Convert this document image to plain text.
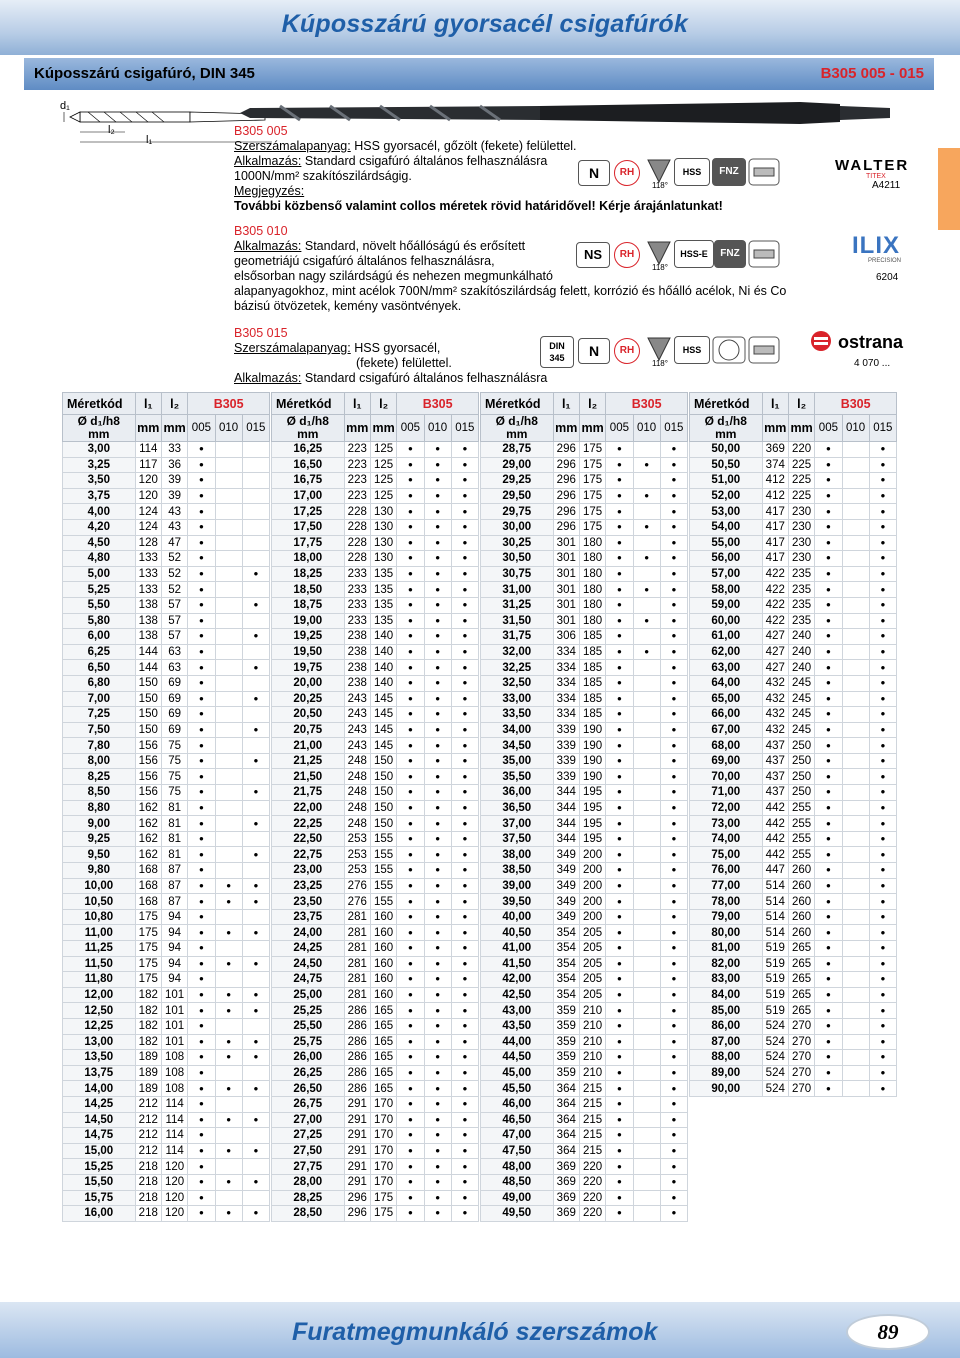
Kúposszárú gyorsacél csigafúrók
Kúposszárú csigafúró, DIN 345	B305 005 - 015
d₁
l₂
l₁
B305 005
Szerszámalapanyag: HSS gyorsacél, gőzölt (fekete) felülettel.
Alkalmazás: Standard csigafúró általános felhasználásra
1000N/mm² szakítószilárdságig.
Megjegyzés:
További közbenső valamint collos méretek rövid határidővel! Kérje árajánlatunkat!
N	RH
118°
HSS	FNZ	WALTER
TITEX
A4211
B305 010
Alkalmazás: Standard, növelt hőállóságú és erősített
geometriájú csigafúró általános felhasználásra,
elsősorban nagy szilárdságú és nehezen megmunkálható
alapanyagokhoz, mint acélok 700N/mm² szakítószilárdság felett, korrózió és hőálló acélok, Ni és Co
bázisú ötvözetek, kemény vasöntvények.
NS	RH
118°
HSS-E	FNZ	ILIX
PRECISION
6204
B305 015
Szerszámalapanyag: HSS gyorsacél,
(fekete) felülettel.
Alkalmazás: Standard csigafúró általános felhasználásra
DIN
345	N	RH
118°
HSS	ostrana
4 070 ...
Méretkód	l₁	l₂	B305		

Ø d₁/h8
mm	mm	mm	005	010	015
3,00	114	33	•		
3,25	117	36	•		
3,50	120	39	•		
3,75	120	39	•		
4,00	124	43	•		
4,20	124	43	•		
4,50	128	47	•		
4,80	133	52	•		
5,00	133	52	•		•
5,25	133	52	•		
5,50	138	57	•		•
5,80	138	57	•		
6,00	138	57	•		•
6,25	144	63	•		
6,50	144	63	•		•
6,80	150	69	•		
7,00	150	69	•		•
7,25	150	69	•		
7,50	150	69	•		•
7,80	156	75	•		
8,00	156	75	•		•
8,25	156	75	•		
8,50	156	75	•		•
8,80	162	81	•		
9,00	162	81	•		•
9,25	162	81	•		
9,50	162	81	•		•
9,80	168	87	•		
10,00	168	87	•	•	•
10,50	168	87	•	•	•
10,80	175	94	•		
11,00	175	94	•	•	•
11,25	175	94	•		
11,50	175	94	•	•	•
11,80	175	94	•		
12,00	182	101	•	•	•
12,50	182	101	•	•	•
12,25	182	101	•		
13,00	182	101	•	•	•
13,50	189	108	•	•	•
13,75	189	108	•		
14,00	189	108	•	•	•
14,25	212	114	•		
14,50	212	114	•	•	•
14,75	212	114	•		
15,00	212	114	•	•	•
15,25	218	120	•		
15,50	218	120	•	•	•
15,75	218	120	•		
16,00	218	120	•	•	•
Méretkód	l₁	l₂	B305		

Ø d₁/h8
mm	mm	mm	005	010	015
16,25	223	125	•	•	•
16,50	223	125	•	•	•
16,75	223	125	•	•	•
17,00	223	125	•	•	•
17,25	228	130	•	•	•
17,50	228	130	•	•	•
17,75	228	130	•	•	•
18,00	228	130	•	•	•
18,25	233	135	•	•	•
18,50	233	135	•	•	•
18,75	233	135	•	•	•
19,00	233	135	•	•	•
19,25	238	140	•	•	•
19,50	238	140	•	•	•
19,75	238	140	•	•	•
20,00	238	140	•	•	•
20,25	243	145	•	•	•
20,50	243	145	•	•	•
20,75	243	145	•	•	•
21,00	243	145	•	•	•
21,25	248	150	•	•	•
21,50	248	150	•	•	•
21,75	248	150	•	•	•
22,00	248	150	•	•	•
22,25	248	150	•	•	•
22,50	253	155	•	•	•
22,75	253	155	•	•	•
23,00	253	155	•	•	•
23,25	276	155	•	•	•
23,50	276	155	•	•	•
23,75	281	160	•	•	•
24,00	281	160	•	•	•
24,25	281	160	•	•	•
24,50	281	160	•	•	•
24,75	281	160	•	•	•
25,00	281	160	•	•	•
25,25	286	165	•	•	•
25,50	286	165	•	•	•
25,75	286	165	•	•	•
26,00	286	165	•	•	•
26,25	286	165	•	•	•
26,50	286	165	•	•	•
26,75	291	170	•	•	•
27,00	291	170	•	•	•
27,25	291	170	•	•	•
27,50	291	170	•	•	•
27,75	291	170	•	•	•
28,00	291	170	•	•	•
28,25	296	175	•	•	•
28,50	296	175	•	•	•
Méretkód	l₁	l₂	B305		

Ø d₁/h8
mm	mm	mm	005	010	015
28,75	296	175	•		•
29,00	296	175	•	•	•
29,25	296	175	•		•
29,50	296	175	•	•	•
29,75	296	175	•		•
30,00	296	175	•	•	•
30,25	301	180	•		•
30,50	301	180	•	•	•
30,75	301	180	•		•
31,00	301	180	•	•	•
31,25	301	180	•		•
31,50	301	180	•	•	•
31,75	306	185	•		•
32,00	334	185	•	•	•
32,25	334	185	•		•
32,50	334	185	•		•
33,00	334	185	•		•
33,50	334	185	•		•
34,00	339	190	•		•
34,50	339	190	•		•
35,00	339	190	•		•
35,50	339	190	•		•
36,00	344	195	•		•
36,50	344	195	•		•
37,00	344	195	•		•
37,50	344	195	•		•
38,00	349	200	•		•
38,50	349	200	•		•
39,00	349	200	•		•
39,50	349	200	•		•
40,00	349	200	•		•
40,50	354	205	•		•
41,00	354	205	•		•
41,50	354	205	•		•
42,00	354	205	•		•
42,50	354	205	•		•
43,00	359	210	•		•
43,50	359	210	•		•
44,00	359	210	•		•
44,50	359	210	•		•
45,00	359	210	•		•
45,50	364	215	•		•
46,00	364	215	•		•
46,50	364	215	•		•
47,00	364	215	•		•
47,50	364	215	•		•
48,00	369	220	•		•
48,50	369	220	•		•
49,00	369	220	•		•
49,50	369	220	•		•
Méretkód	l₁	l₂	B305		

Ø d₁/h8
mm	mm	mm	005	010	015
50,00	369	220	•		•
50,50	374	225	•		•
51,00	412	225	•		•
52,00	412	225	•		•
53,00	417	230	•		•
54,00	417	230	•		•
55,00	417	230	•		•
56,00	417	230	•		•
57,00	422	235	•		•
58,00	422	235	•		•
59,00	422	235	•		•
60,00	422	235	•		•
61,00	427	240	•		•
62,00	427	240	•		•
63,00	427	240	•		•
64,00	432	245	•		•
65,00	432	245	•		•
66,00	432	245	•		•
67,00	432	245	•		•
68,00	437	250	•		•
69,00	437	250	•		•
70,00	437	250	•		•
71,00	437	250	•		•
72,00	442	255	•		•
73,00	442	255	•		•
74,00	442	255	•		•
75,00	442	255	•		•
76,00	447	260	•		•
77,00	514	260	•		•
78,00	514	260	•		•
79,00	514	260	•		•
80,00	514	260	•		•
81,00	519	265	•		•
82,00	519	265	•		•
83,00	519	265	•		•
84,00	519	265	•		•
85,00	519	265	•		•
86,00	524	270	•		•
87,00	524	270	•		•
88,00	524	270	•		•
89,00	524	270	•		•
90,00	524	270	•		•
Furatmegmunkáló szerszámok	89
